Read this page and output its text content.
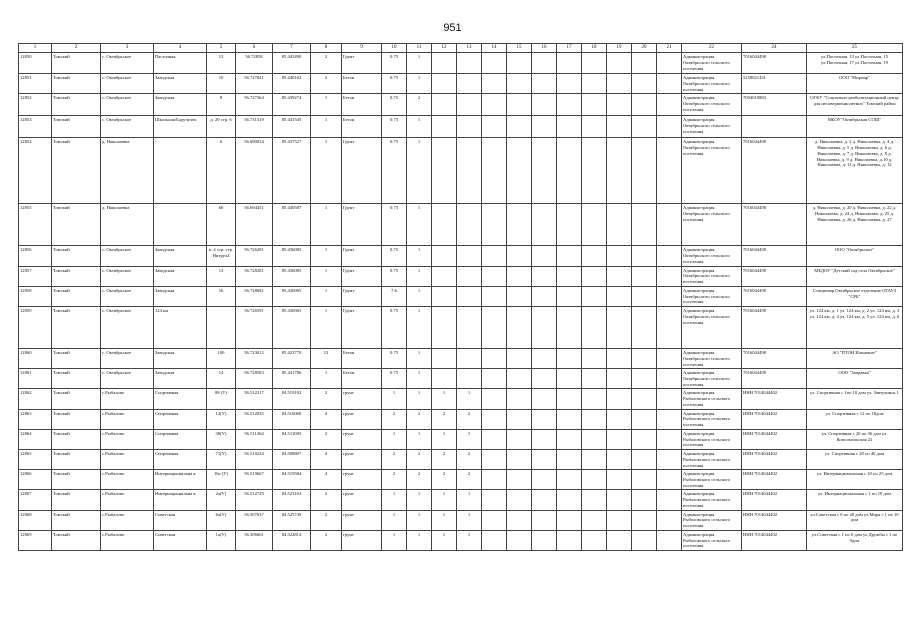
951
1	2	3	4	5	6	7	8	9	10	11	12	13	14	15	16	17	18	19	20	21	22	24	25
12850	Томский	с. Октябрьское	Пасточная	13	56.72858	85.445490	2	Грунт	0.75	1											Администрация Октябрьского сельского поселения	7016044498	ул.Пасточная, 13 ул.Пасточная, 15 ул.Пасточная, 17 ул.Пасточная, 19
12851	Томский	с. Октябрьское	Заводская	10	56.727841	85.440162	2	Бетон	0.75	1											Администрация Октябрьского сельского поселения	5258021431	ООО "Мирмар"
12852	Томский	с. Октябрьское	Заводская	8	56.727364	85.439274	1	Бетон	0.75	2											Администрация Октябрьского сельского поселения	7004010883	ОГКУ "Социально-реабилитационный центр для несовершеннолетних" Томский район
12853	Томский	с. Октябрьское	Школьная/Бадучулек	д. 29 стр. 6	56.731319	85.441545	1	Бетон	0.75	1											Администрация Октябрьского сельского поселения		МБОУ"Октябрьская СОШ"
12854	Томский	д. Николаевка	-	6	56.690034	85.437527	1	Грунт	0.75	1											Администрация Октябрьского сельского поселения	7016044498	д. Николаевка, д. 2 д. Николаевка, д. 4 д. Николаевка, д. 5 д. Николаевка, д. 6 д. Николаевка, д. 7 д. Николаевка, д. 8 д. Николаевка, д. 9 д. Николаевка, д.10 д. Николаевка, д. 11 д. Николаевка, д. 12
12855	Томский	д. Николаевка	-	60	56.694451	85.440587	1	Грунт	0.75	1											Администрация Октябрьского сельского поселения	7016044498	д. Николаевка, д. 20 д. Николаевка, д. 22 д. Николаевка, д. 24 д. Николаевка, д. 25 д. Николаевка, д. 26 д. Николаевка, д. 27
12856	Томский	с. Октябрьское	Заводская	к. 4 стр. стр. Нитрул2	56.726281	85.436085	1	Грунт	0.75	1											Администрация Октябрьского сельского поселения	7016044498	ООО "Октябрьское"
12857	Томский	с. Октябрьское	Заводская	13	56.728281	85.436085	1	Грунт	0.75	1											Администрация Октябрьского сельского поселения	7016044498	МБДОУ "Детский сад села Октябрьское"
12858	Томский	с. Октябрьское	Заводская	16	56.728681	85.436965	1	Грунт	7.6	1											Администрация Октябрьского сельского поселения	7016044498	Стационар Октябрьское отделение ОГАУЗ "СРБ"
12859	Томский	с. Октябрьское	124 км		56.726591	85.436965	1	Грунт	0.75	1											Администрация Октябрьского сельского поселения	7016044498	ул. 124 км, д. 1 ул. 124 км, д. 2 ул. 124 км, д. 3 ул. 124 км, д. 4 ул. 124 км, д. 5 ул. 124 км, д. 6
12860	Томский	с. Октябрьское	Заводская	100	56.723012	85.423770	12	Бетон	0.75	1											Администрация Октябрьского сельского поселения	7016044498	АО "ПТОН Ильменит"
12861	Томский	с. Октябрьское	Заводская	14	56.728583	85.441786	1	Бетон	0.75	1											Администрация Октябрьского сельского поселения	7016044498	ООО "Заправка"
12862	Томский	с.Рыбалово	Спортивная	88 (У)	56.512217	84.519102	2	грунт	1	1	1	1									Администрация Рыбаловского сельского поселения	ИНН 7014044402	ул. Спортивная с 1по 10 дом ул. Завтулинск 1
12863	Томский	с.Рыбалово	Спортивная	12(У)	56.512035	84.516060	4	грунт	2	2	2	2									Администрация Рыбаловского сельского поселения	ИНН 7014044402	ул. Спортивная с 12 по 18дом
12864	Томский	с.Рыбалово	Спортивная	38(У)	56.511364	84.511083	2	грунт	1	1	1	1									Администрация Рыбаловского сельского поселения	ИНН 7014044402	ул. Спортивная с 20 по 36 дом ул. Комсомольская 22
12865	Томский	с.Рыбалово	Спортивная	71(У)	56.510234	84.508807	4	грунт	2	2	2	2									Администрация Рыбаловского сельского поселения	ИНН 7014044402	ул. Спортивная с 28 по 46 дом
12866	Томский	с.Рыбалово	Интернациональна я	10а (У)	56.519667	84.519584	4	грунт	2	2	2	2									Администрация Рыбаловского сельского поселения	ИНН 7014044402	ул. Интернациональная с 10 по 25 дом
12867	Томский	с.Рыбалово	Интернациональна я	2а(У)	56.512729	84.523163	2	грунт	1	1	1	1									Администрация Рыбаловского сельского поселения	ИНН 7014044402	ул. Интернациональная с 1 по 10 дом
12868	Томский	с.Рыбалово	Советская	6а(У)	56.507637	84.525749	2	грунт	1	1	1	1									Администрация Рыбаловского сельского поселения	ИНН 7014044402	ул.Советская с 6 по 20 дом ул.Мира с 1 по 10 дом
12869	Томский	с.Рыбалово	Советская	1а(У)	56.506661	84.522814	2	грунт	1	1	1	1									Администрация Рыбаловского сельского поселения	ИНН 7014044402	ул.Советская с 1 по 6 дом ул.Дружбы с 1 по 9дом
